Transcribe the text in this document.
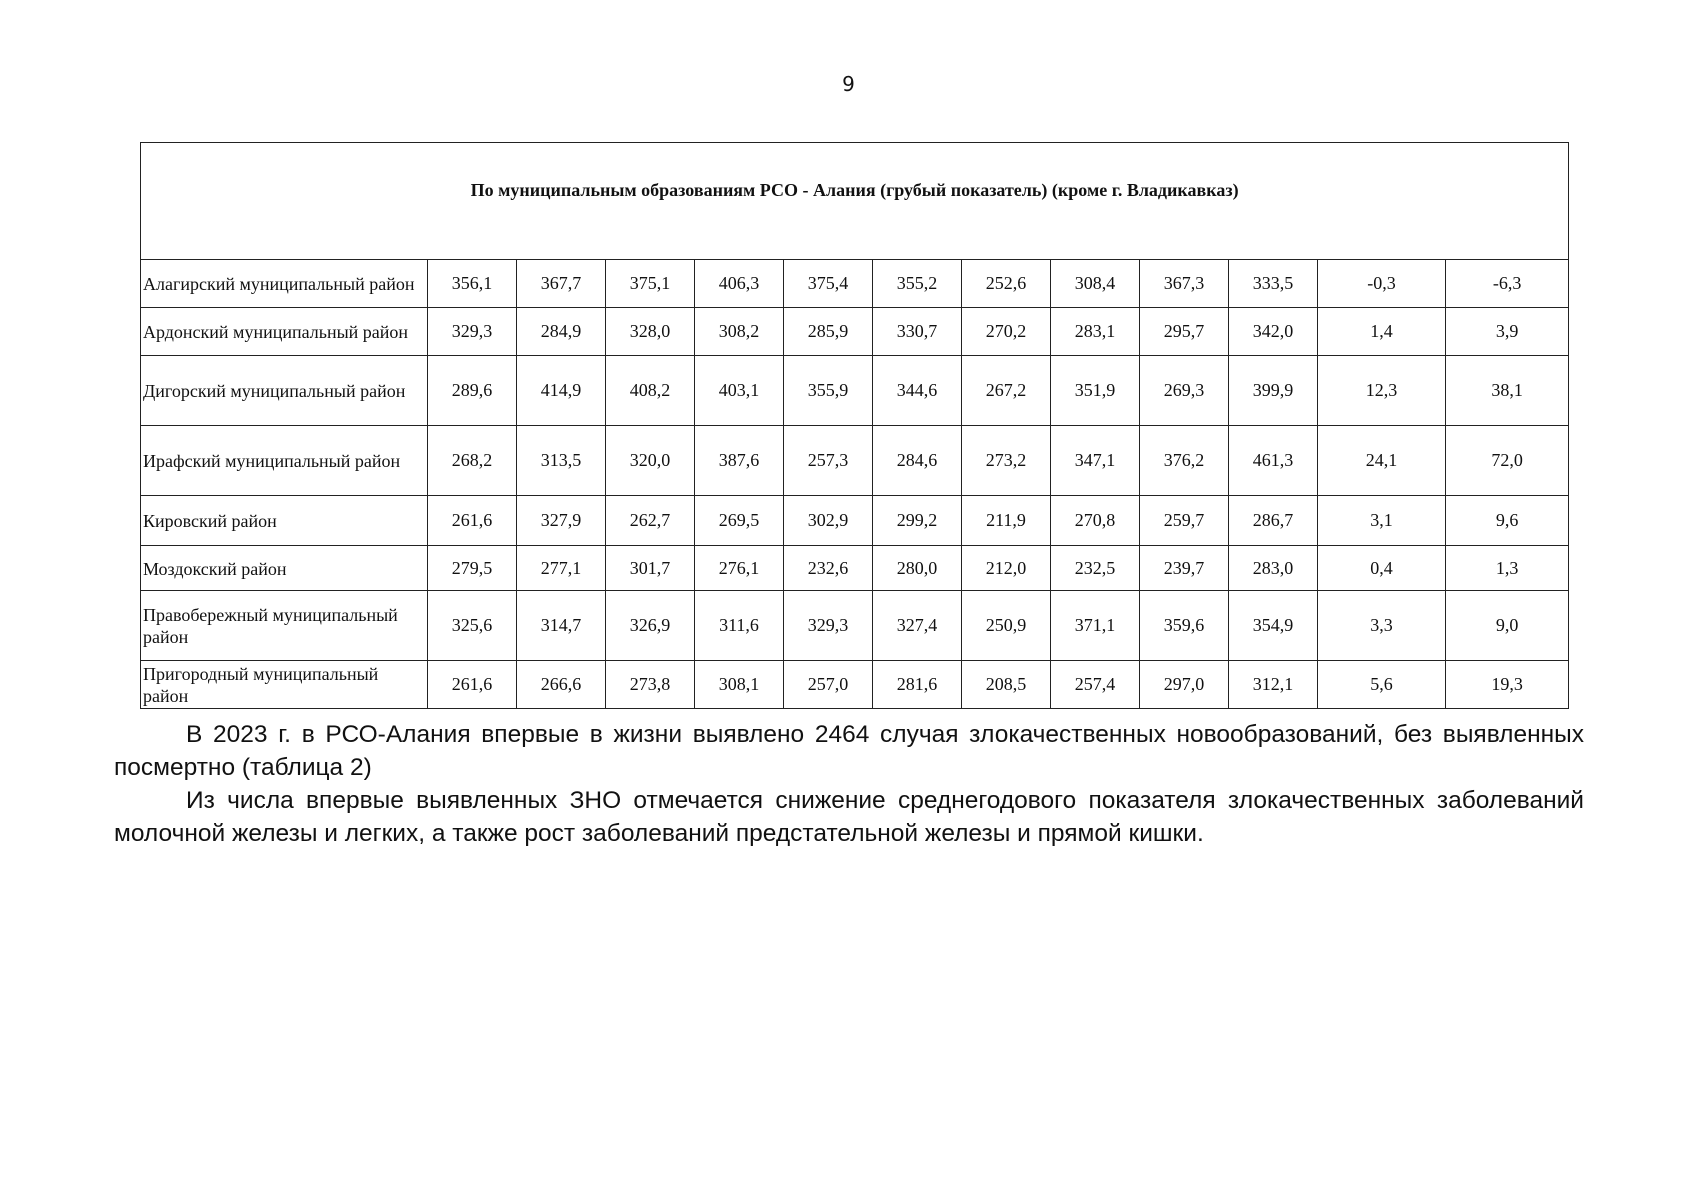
9
По муниципальным образованиям РСО - Алания (грубый показатель) (кроме г. Владикавказ)												
Алагирский муниципальный район	356,1	367,7	375,1	406,3	375,4	355,2	252,6	308,4	367,3	333,5	-0,3	-6,3
Ардонский муниципальный район	329,3	284,9	328,0	308,2	285,9	330,7	270,2	283,1	295,7	342,0	1,4	3,9
Дигорский муниципальный район	289,6	414,9	408,2	403,1	355,9	344,6	267,2	351,9	269,3	399,9	12,3	38,1
Ирафский муниципальный район	268,2	313,5	320,0	387,6	257,3	284,6	273,2	347,1	376,2	461,3	24,1	72,0
Кировский район	261,6	327,9	262,7	269,5	302,9	299,2	211,9	270,8	259,7	286,7	3,1	9,6
Моздокский район	279,5	277,1	301,7	276,1	232,6	280,0	212,0	232,5	239,7	283,0	0,4	1,3
Правобережный муниципальный район	325,6	314,7	326,9	311,6	329,3	327,4	250,9	371,1	359,6	354,9	3,3	9,0
Пригородный муниципальный район	261,6	266,6	273,8	308,1	257,0	281,6	208,5	257,4	297,0	312,1	5,6	19,3

В 2023 г. в РСО-Алания впервые в жизни выявлено 2464 случая злокачественных новообразований, без выявленных посмертно (таблица 2)

Из числа впервые выявленных ЗНО отмечается снижение среднегодового показателя злокачественных заболеваний молочной железы и легких, а также рост заболеваний предстательной железы и прямой кишки.
